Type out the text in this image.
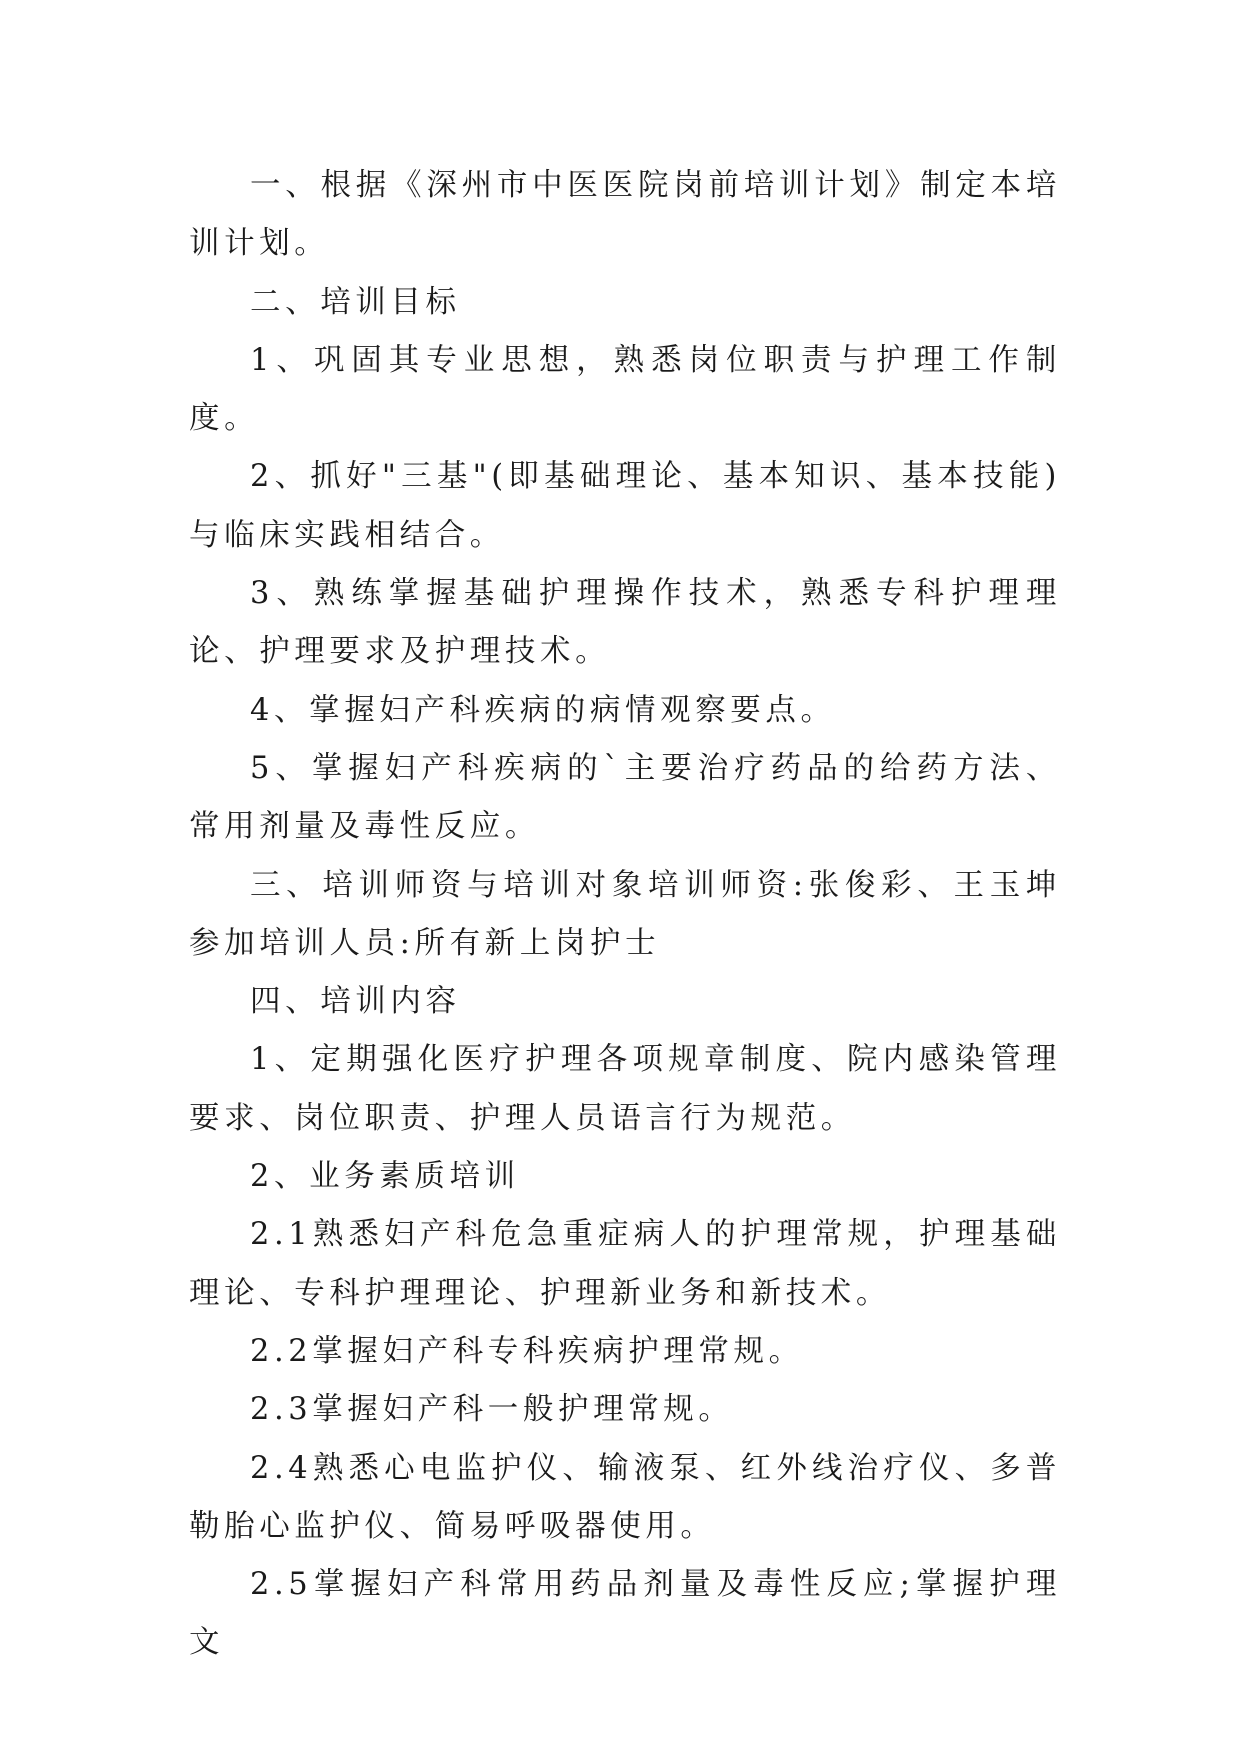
一、根据《深州市中医医院岗前培训计划》制定本培训计划。

二、培训目标

1、巩固其专业思想，熟悉岗位职责与护理工作制度。

2、抓好"三基"(即基础理论、基本知识、基本技能)与临床实践相结合。

3、熟练掌握基础护理操作技术，熟悉专科护理理论、护理要求及护理技术。

4、掌握妇产科疾病的病情观察要点。

5、掌握妇产科疾病的`主要治疗药品的给药方法、常用剂量及毒性反应。

三、培训师资与培训对象培训师资:张俊彩、王玉坤 参加培训人员:所有新上岗护士

四、培训内容

1、定期强化医疗护理各项规章制度、院内感染管理要求、岗位职责、护理人员语言行为规范。

2、业务素质培训

2.1熟悉妇产科危急重症病人的护理常规，护理基础理论、专科护理理论、护理新业务和新技术。

2.2掌握妇产科专科疾病护理常规。

2.3掌握妇产科一般护理常规。

2.4熟悉心电监护仪、输液泵、红外线治疗仪、多普勒胎心监护仪、简易呼吸器使用。

2.5掌握妇产科常用药品剂量及毒性反应;掌握护理文
